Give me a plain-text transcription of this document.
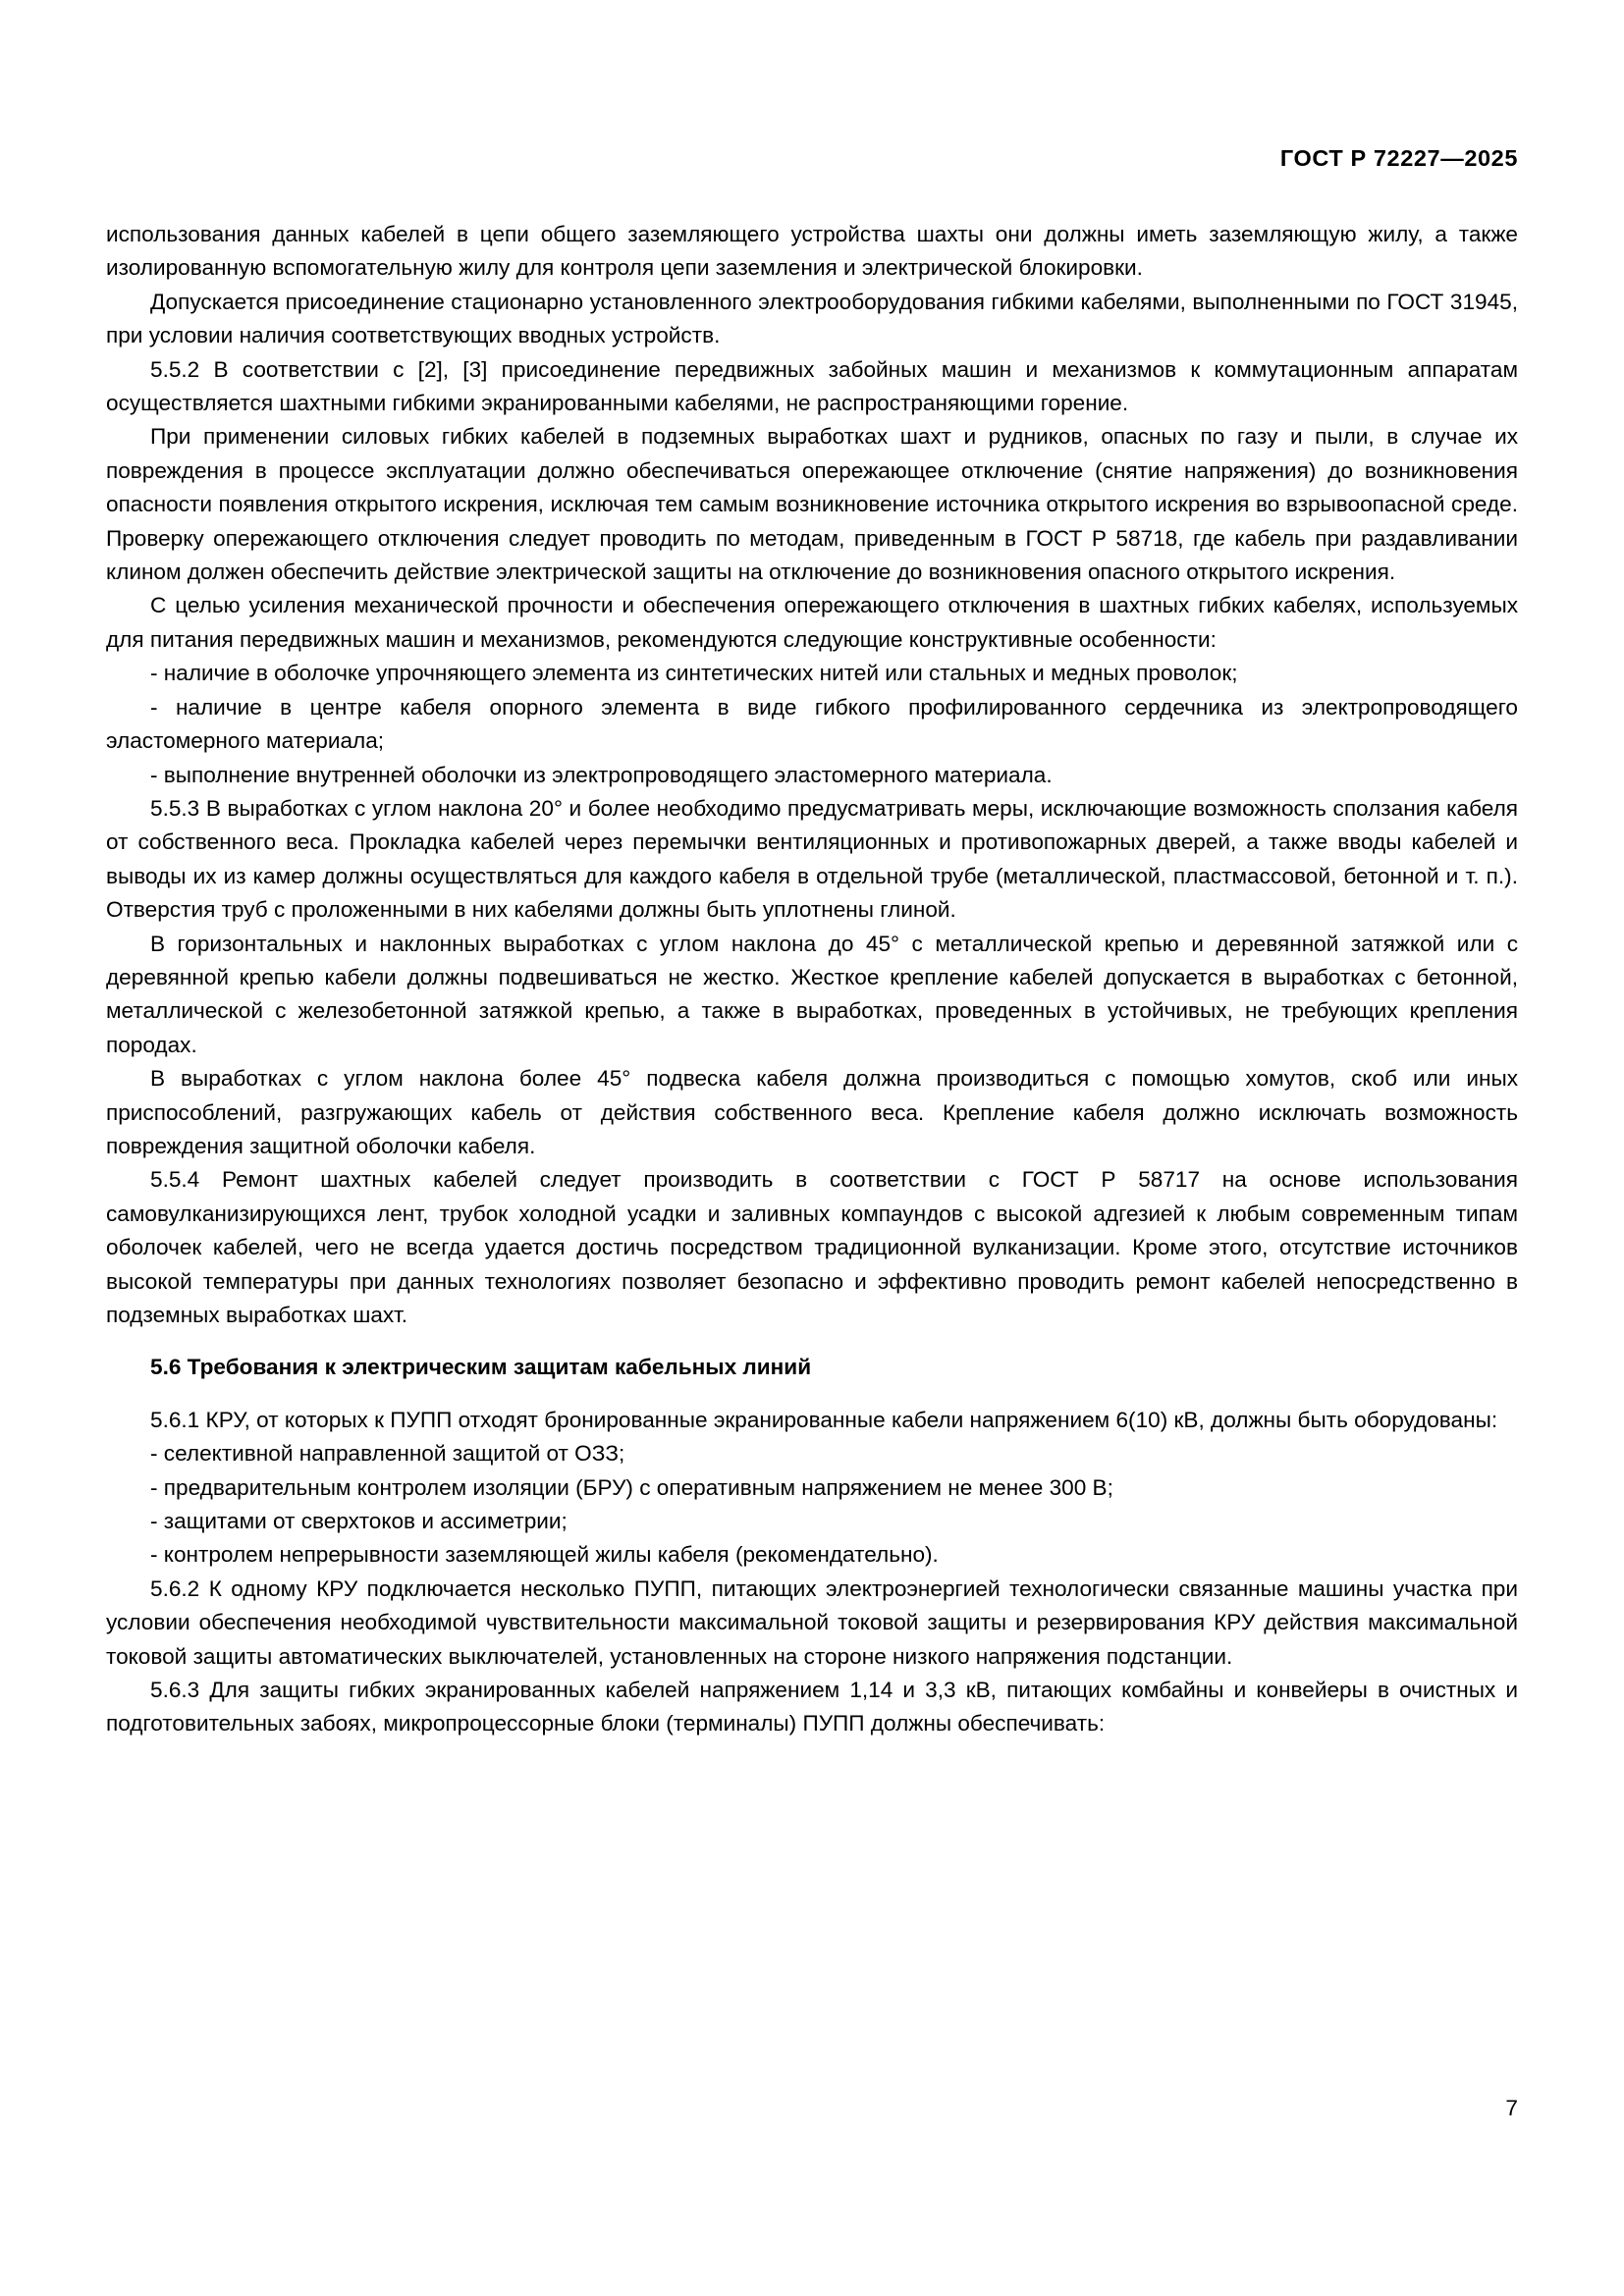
ГОСТ Р 72227—2025

использования данных кабелей в цепи общего заземляющего устройства шахты они должны иметь заземляющую жилу, а также изолированную вспомогательную жилу для контроля цепи заземления и электрической блокировки.

Допускается присоединение стационарно установленного электрооборудования гибкими кабелями, выполненными по ГОСТ 31945, при условии наличия соответствующих вводных устройств.

5.5.2 В соответствии с [2], [3] присоединение передвижных забойных машин и механизмов к коммутационным аппаратам осуществляется шахтными гибкими экранированными кабелями, не распространяющими горение.

При применении силовых гибких кабелей в подземных выработках шахт и рудников, опасных по газу и пыли, в случае их повреждения в процессе эксплуатации должно обеспечиваться опережающее отключение (снятие напряжения) до возникновения опасности появления открытого искрения, исключая тем самым возникновение источника открытого искрения во взрывоопасной среде. Проверку опережающего отключения следует проводить по методам, приведенным в ГОСТ Р 58718, где кабель при раздавливании клином должен обеспечить действие электрической защиты на отключение до возникновения опасного открытого искрения.

С целью усиления механической прочности и обеспечения опережающего отключения в шахтных гибких кабелях, используемых для питания передвижных машин и механизмов, рекомендуются следующие конструктивные особенности:

- наличие в оболочке упрочняющего элемента из синтетических нитей или стальных и медных проволок;

- наличие в центре кабеля опорного элемента в виде гибкого профилированного сердечника из электропроводящего эластомерного материала;

- выполнение внутренней оболочки из электропроводящего эластомерного материала.

5.5.3 В выработках с углом наклона 20° и более необходимо предусматривать меры, исключающие возможность сползания кабеля от собственного веса. Прокладка кабелей через перемычки вентиляционных и противопожарных дверей, а также вводы кабелей и выводы их из камер должны осуществляться для каждого кабеля в отдельной трубе (металлической, пластмассовой, бетонной и т. п.). Отверстия труб с проложенными в них кабелями должны быть уплотнены глиной.

В горизонтальных и наклонных выработках с углом наклона до 45° с металлической крепью и деревянной затяжкой или с деревянной крепью кабели должны подвешиваться не жестко. Жесткое крепление кабелей допускается в выработках с бетонной, металлической с железобетонной затяжкой крепью, а также в выработках, проведенных в устойчивых, не требующих крепления породах.

В выработках с углом наклона более 45° подвеска кабеля должна производиться с помощью хомутов, скоб или иных приспособлений, разгружающих кабель от действия собственного веса. Крепление кабеля должно исключать возможность повреждения защитной оболочки кабеля.

5.5.4 Ремонт шахтных кабелей следует производить в соответствии с ГОСТ Р 58717 на основе использования самовулканизирующихся лент, трубок холодной усадки и заливных компаундов с высокой адгезией к любым современным типам оболочек кабелей, чего не всегда удается достичь посредством традиционной вулканизации. Кроме этого, отсутствие источников высокой температуры при данных технологиях позволяет безопасно и эффективно проводить ремонт кабелей непосредственно в подземных выработках шахт.

5.6 Требования к электрическим защитам кабельных линий

5.6.1 КРУ, от которых к ПУПП отходят бронированные экранированные кабели напряжением 6(10) кВ, должны быть оборудованы:

- селективной направленной защитой от ОЗЗ;

- предварительным контролем изоляции (БРУ) с оперативным напряжением не менее 300 В;

- защитами от сверхтоков и ассиметрии;

- контролем непрерывности заземляющей жилы кабеля (рекомендательно).

5.6.2 К одному КРУ подключается несколько ПУПП, питающих электроэнергией технологически связанные машины участка при условии обеспечения необходимой чувствительности максимальной токовой защиты и резервирования КРУ действия максимальной токовой защиты автоматических выключателей, установленных на стороне низкого напряжения подстанции.

5.6.3 Для защиты гибких экранированных кабелей напряжением 1,14 и 3,3 кВ, питающих комбайны и конвейеры в очистных и подготовительных забоях, микропроцессорные блоки (терминалы) ПУПП должны обеспечивать:

7
